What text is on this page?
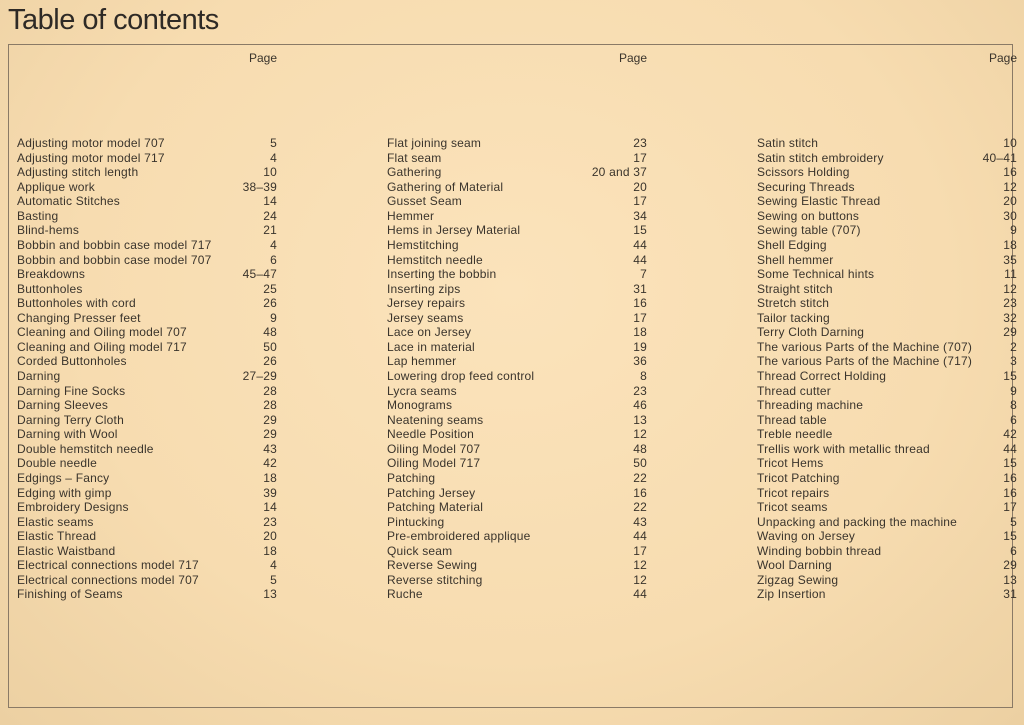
Table of contents
Page
Adjusting motor model 707	5
Adjusting motor model 717	4
Adjusting stitch length	10
Applique work	38–39
Automatic Stitches	14
Basting	24
Blind-hems	21
Bobbin and bobbin case model 717	4
Bobbin and bobbin case model 707	6
Breakdowns	45–47
Buttonholes	25
Buttonholes with cord	26
Changing Presser feet	9
Cleaning and Oiling model 707	48
Cleaning and Oiling model 717	50
Corded Buttonholes	26
Darning	27–29
Darning Fine Socks	28
Darning Sleeves	28
Darning Terry Cloth	29
Darning with Wool	29
Double hemstitch needle	43
Double needle	42
Edgings – Fancy	18
Edging with gimp	39
Embroidery Designs	14
Elastic seams	23
Elastic Thread	20
Elastic Waistband	18
Electrical connections model 717	4
Electrical connections model 707	5
Finishing of Seams	13
Page
Flat joining seam	23
Flat seam	17
Gathering	20 and 37
Gathering of Material	20
Gusset Seam	17
Hemmer	34
Hems in Jersey Material	15
Hemstitching	44
Hemstitch needle	44
Inserting the bobbin	7
Inserting zips	31
Jersey repairs	16
Jersey seams	17
Lace on Jersey	18
Lace in material	19
Lap hemmer	36
Lowering drop feed control	8
Lycra seams	23
Monograms	46
Neatening seams	13
Needle Position	12
Oiling Model 707	48
Oiling Model 717	50
Patching	22
Patching Jersey	16
Patching Material	22
Pintucking	43
Pre-embroidered applique	44
Quick seam	17
Reverse Sewing	12
Reverse stitching	12
Ruche	44
Page
Satin stitch	10
Satin stitch embroidery	40–41
Scissors Holding	16
Securing Threads	12
Sewing Elastic Thread	20
Sewing on buttons	30
Sewing table (707)	9
Shell Edging	18
Shell hemmer	35
Some Technical hints	11
Straight stitch	12
Stretch stitch	23
Tailor tacking	32
Terry Cloth Darning	29
The various Parts of the Machine (707)	2
The various Parts of the Machine (717)	3
Thread Correct Holding	15
Thread cutter	9
Threading machine	8
Thread table	6
Treble needle	42
Trellis work with metallic thread	44
Tricot Hems	15
Tricot Patching	16
Tricot repairs	16
Tricot seams	17
Unpacking and packing the machine	5
Waving on Jersey	15
Winding bobbin thread	6
Wool Darning	29
Zigzag Sewing	13
Zip Insertion	31
